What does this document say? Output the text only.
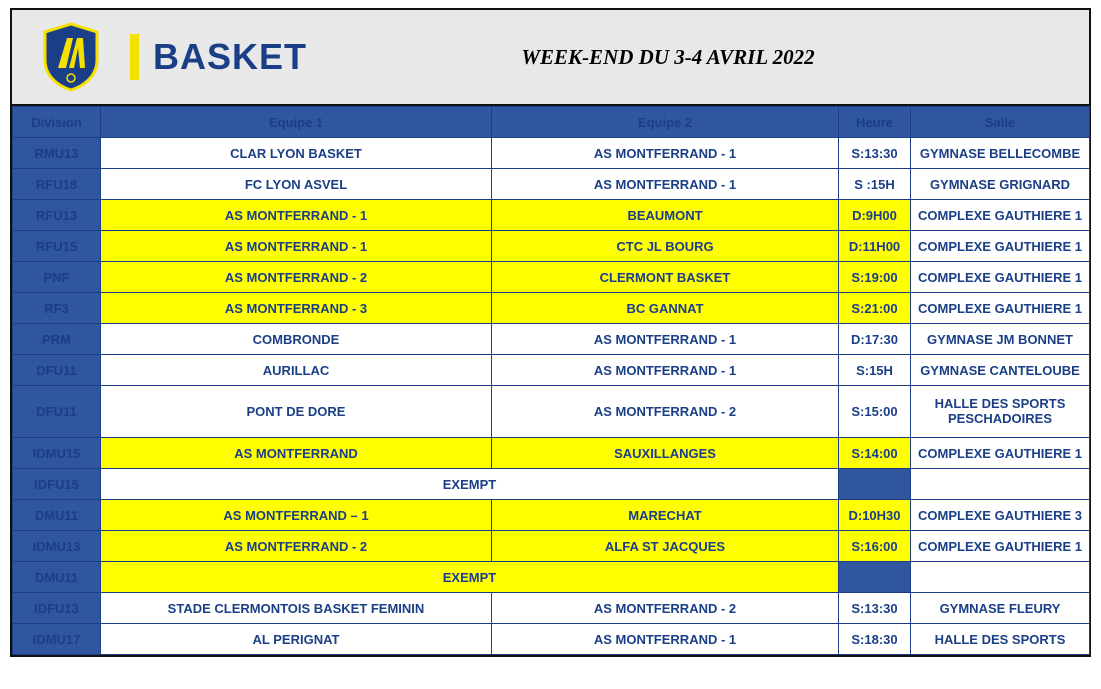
BASKET	WEEK-END DU 3-4 AVRIL 2022
Division	Equipe 1	Equipe 2	Heure	Salle
RMU13	CLAR LYON BASKET	AS MONTFERRAND - 1	S:13:30	GYMNASE BELLECOMBE
RFU18	FC LYON ASVEL	AS MONTFERRAND - 1	S :15H	GYMNASE GRIGNARD
RFU13	AS MONTFERRAND - 1	BEAUMONT	D:9H00	COMPLEXE GAUTHIERE 1
RFU15	AS MONTFERRAND - 1	CTC JL BOURG	D:11H00	COMPLEXE GAUTHIERE 1
PNF	AS MONTFERRAND - 2	CLERMONT BASKET	S:19:00	COMPLEXE GAUTHIERE 1
RF3	AS MONTFERRAND - 3	BC GANNAT	S:21:00	COMPLEXE GAUTHIERE 1
PRM	COMBRONDE	AS MONTFERRAND - 1	D:17:30	GYMNASE JM BONNET
DFU11	AURILLAC	AS MONTFERRAND - 1	S:15H	GYMNASE CANTELOUBE
DFU11	PONT DE DORE	AS MONTFERRAND - 2	S:15:00	HALLE DES SPORTS PESCHADOIRES
IDMU15	AS MONTFERRAND	SAUXILLANGES	S:14:00	COMPLEXE GAUTHIERE 1
IDFU15	EXEMPT			
DMU11	AS MONTFERRAND – 1	MARECHAT	D:10H30	COMPLEXE GAUTHIERE 3
IDMU13	AS MONTFERRAND - 2	ALFA ST JACQUES	S:16:00	COMPLEXE GAUTHIERE 1
DMU11	EXEMPT			
IDFU13	STADE CLERMONTOIS BASKET FEMININ	AS MONTFERRAND - 2	S:13:30	GYMNASE FLEURY
IDMU17	AL PERIGNAT	AS MONTFERRAND - 1	S:18:30	HALLE DES SPORTS
